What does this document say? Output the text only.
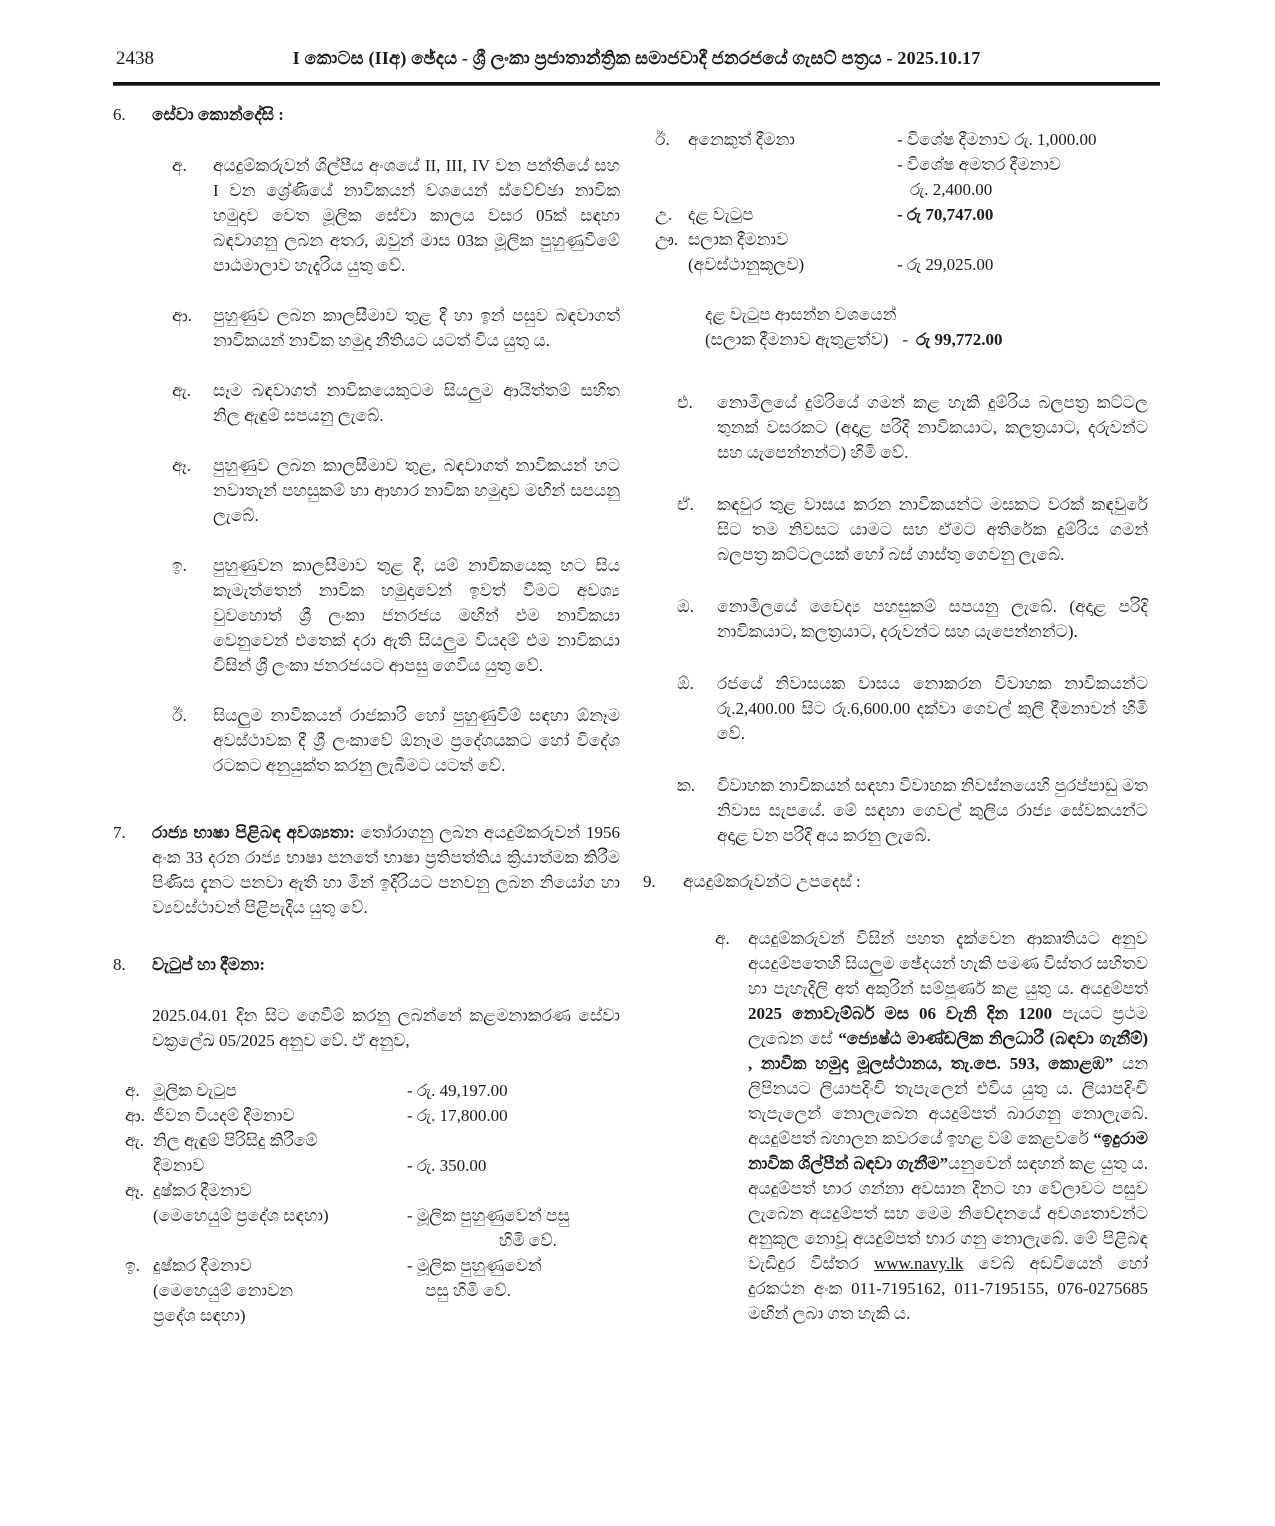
2438	I කොටස (IIඅ) ඡේදය - ශ්‍රී ලංකා ප්‍රජාතාන්ත්‍රික සමාජවාදී ජනරජයේ ගැසට් පත්‍රය - 2025.10.17
6.	සේවා කොන්දේසි :
අ.	අයදුම්කරුවන් ශිල්පීය අංශයේ II, III, IV වන පන්තියේ සහ I වන ශ්‍රේණියේ නාවිකයන් වශයෙන් ස්වේච්ඡා නාවික හමුදාව වෙත මූලික සේවා කාලය වසර 05ක් සඳහා බඳවාගනු ලබන අතර, ඔවුන් මාස 03ක මූලික පුහුණුවීමේ පාඨමාලාව හැදෑරිය යුතු වේ.

ආ.	පුහුණුව ලබන කාලසීමාව තුළ දී හා ඉන් පසුව බඳවාගත් නාවිකයන් නාවික හමුදා නීතියට යටත් විය යුතු ය.

ඇ.	සෑම බඳවාගත් නාවිකයෙකුටම සියලුම ආයිත්තම් සහිත නිල ඇඳුම් සපයනු ලැබේ.

ඈ.	පුහුණුව ලබන කාලසීමාව තුළ, බඳවාගත් නාවිකයන් හට නවාතැන් පහසුකම් හා ආහාර නාවික හමුදාව මඟින් සපයනු ලැබේ.

ඉ.	පුහුණුවන කාලසීමාව තුළ දී, යම් නාවිකයෙකු හට සිය කැමැත්තෙන් නාවික හමුදාවෙන් ඉවත් වීමට අවශ්‍ය වුවහොත් ශ්‍රී ලංකා ජනරජය මඟින් එම නාවිකයා වෙනුවෙන් එතෙක් දරා ඇති සියලුම වියදම් එම නාවිකයා විසින් ශ්‍රී ලංකා ජනරජයට ආපසු ගෙවිය යුතු වේ.

ඊ.	සියලුම නාවිකයන් රාජකාරි හෝ පුහුණුවීම් සඳහා ඕනෑම අවස්ථාවක දී ශ්‍රී ලංකාවේ ඕනෑම ප්‍රදේශයකට හෝ විදේශ රටකට අනුයුක්ත කරනු ලැබීමට යටත් වේ.

7.	රාජ්‍ය භාෂා පිළිබඳ අවශ්‍යතා: තෝරාගනු ලබන අයදුම්කරුවන් 1956 අංක 33 දරන රාජ්‍ය භාෂා පනතේ භාෂා ප්‍රතිපත්තිය ක්‍රියාත්මක කිරීම පිණිස දැනට පනවා ඇති හා මින් ඉදිරියට පනවනු ලබන නියෝග හා ව්‍යවස්ථාවන් පිළිපැදිය යුතු වේ.

8.	වැටුප් හා දීමනා:

2025.04.01 දින සිට ගෙවීම් කරනු ලබන්නේ කළමනාකරණ සේවා චක්‍රලේඛ 05/2025 අනුව වේ. ඒ අනුව,

අ. මූලික වැටුප	- රු. 49,197.00
ආ. ජීවන වියදම් දීමනාව	- රු. 17,800.00
ඇ. නිල ඇඳුම් පිරිසිදු කිරීමේ
දීමනාව	- රු. 350.00
ඈ. දුෂ්කර දීමනාව
(මෙහෙයුම් ප්‍රදේශ සඳහා)	- මූලික පුහුණුවෙන් පසු
හිමි වේ.
ඉ. දුෂ්කර දීමනාව	- මූලික පුහුණුවෙන්
(මෙහෙයුම් නොවන	පසු හිමි වේ.
ප්‍රදේශ සඳහා)
ඊ.	අනෙකුත් දීමනා	- විශේෂ දීමනාව රු. 1,000.00
- විශේෂ අමතර දීමනාව
රු. 2,400.00
උ. දළ වැටුප	- රු 70,747.00
ඌ. සලාක දීමනාව
(අවස්ථානුකූලව)	- රු 29,025.00
දළ වැටුප ආසන්න වශයෙන්
(සලාක දීමනාව ඇතුළත්ව) - රු 99,772.00
එ.	නොමිලයේ දුම්රියේ ගමන් කළ හැකි දුම්රිය බලපත්‍ර කට්ටල තුනක් වසරකට (අදාළ පරිදි නාවිකයාට, කලත්‍රයාට, දරුවන්ට සහ යැපෙන්නන්ට) හිමි වේ.

ඒ.	කඳවුර තුළ වාසය කරන නාවිකයන්ට මසකට වරක් කඳවුරේ සිට තම නිවසට යාමට සහ ඒමට අතිරේක දුම්රිය ගමන් බලපත්‍ර කට්ටලයක් හෝ බස් ගාස්තු ගෙවනු ලැබේ.

ඔ.	නොමිලයේ වෛද්‍ය පහසුකම් සපයනු ලැබේ. (අදාළ පරිදි නාවිකයාට, කලත්‍රයාට, දරුවන්ට සහ යැපෙන්නන්ට).

ඕ.	රජයේ නිවාසයක වාසය නොකරන විවාහක නාවිකයන්ට රු.2,400.00 සිට රු.6,600.00 දක්වා ගෙවල් කුලී දීමනාවන් හිමි වේ.

ක.	විවාහක නාවිකයන් සඳහා විවාහක නිවස්නයෙහි පුරප්පාඩු මත නිවාස සැපයේ. මේ සඳහා ගෙවල් කුලිය රාජ්‍ය සේවකයන්ට අදාළ වන පරිදි අය කරනු ලැබේ.

9.	අයදුම්කරුවන්ට උපදෙස් :
අ.	අයදුම්කරුවන් විසින් පහත දැක්වෙන ආකෘතියට අනුව අයදුම්පතෙහි සියලුම ඡේදයන් හැකි පමණ විස්තර සහිතව හා පැහැදිලි අත් අකුරින් සම්පූර්ණ කළ යුතු ය. අයදුම්පත් 2025 නොවැම්බර් මස 06 වැනි දින 1200 පැයට ප්‍රථම ලැබෙන සේ “ජ්‍යෙෂ්ඨ මාණ්ඩලික නිලධාරී (බඳවා ගැනීම්) , නාවික හමුදා මූලස්ථානය, තැ.පෙ. 593, කොළඹ” යන ලිපිනයට ලියාපදිංචි තැපැලෙන් එවිය යුතු ය. ලියාපදිංචි තැපැලෙන් නොලැබෙන අයදුම්පත් බාරගනු නොලැබේ. අයදුම්පත් බහාලන කවරයේ ඉහළ වම් කෙළවරේ “ඉදුරාම නාවික ශිල්පීන් බඳවා ගැනීම”යනුවෙන් සඳහන් කළ යුතු ය. අයදුම්පත් භාර ගන්නා අවසාන දිනට හා වේලාවට පසුව ලැබෙන අයදුම්පත් සහ මෙම නිවේදනයේ අවශ්‍යතාවන්ට අනුකූල නොවූ අයදුම්පත් භාර ගනු නොලැබේ. මේ පිළිබඳ වැඩිදුර විස්තර www.navy.lk වෙබ් අඩවියෙන් හෝ දුරකථන අංක 011-7195162, 011-7195155, 076-0275685 මඟින් ලබා ගත හැකි ය.
